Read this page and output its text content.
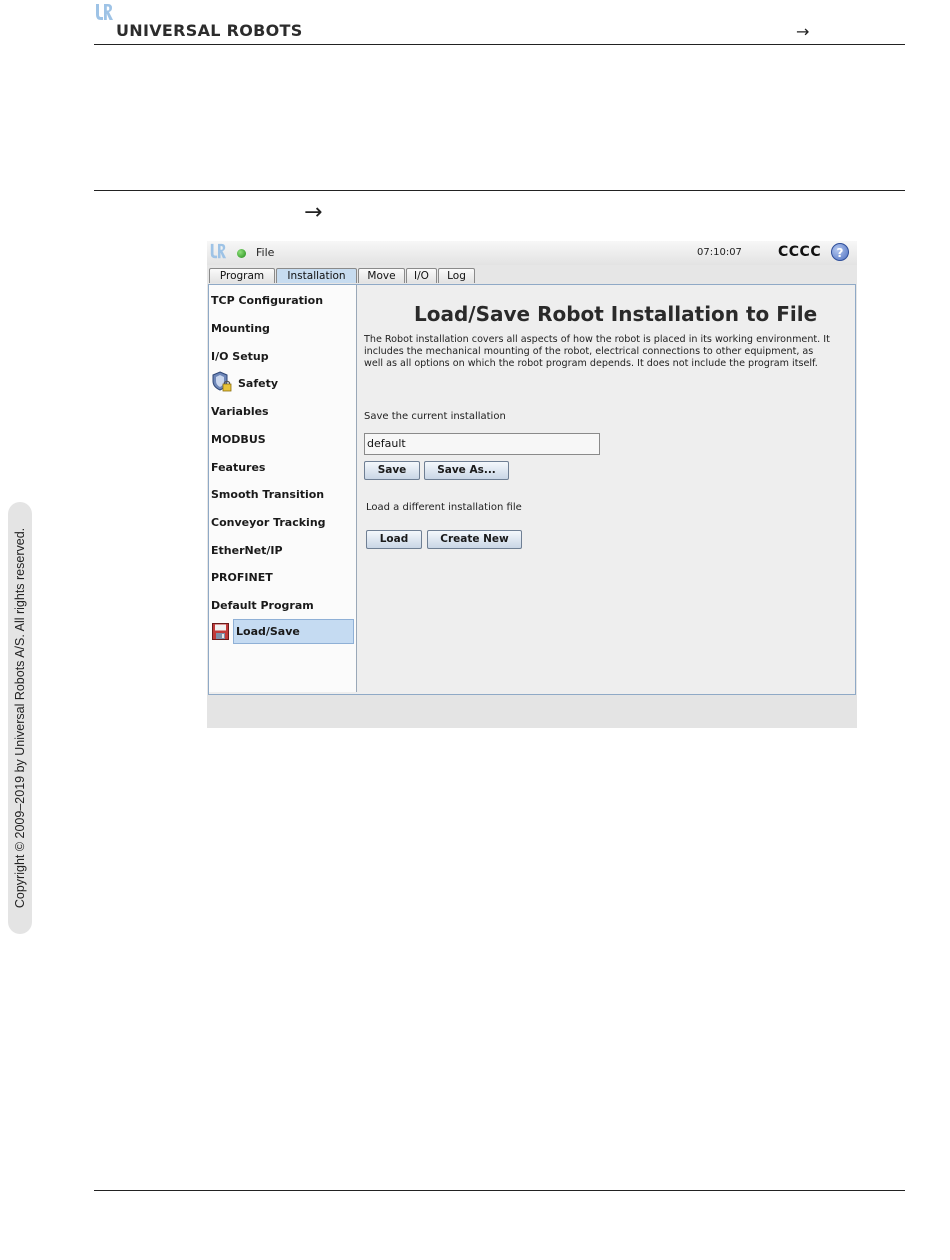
UNIVERSAL ROBOTS	→
→
Copyright © 2009–2019 by Universal Robots A/S. All rights reserved.
File	07:10:07	CCCC	?
Program	Installation	Move	I/O	Log
TCP Configuration
Mounting
I/O Setup
Safety
Variables
MODBUS
Features
Smooth Transition
Conveyor Tracking
EtherNet/IP
PROFINET
Default Program
Load/Save
Load/Save Robot Installation to File
The Robot installation covers all aspects of how the robot is placed in its working environment. It includes the mechanical mounting of the robot, electrical connections to other equipment, as well as all options on which the robot program depends. It does not include the program itself.
Save the current installation
default
Save	Save As...
Load a different installation file
Load	Create New
